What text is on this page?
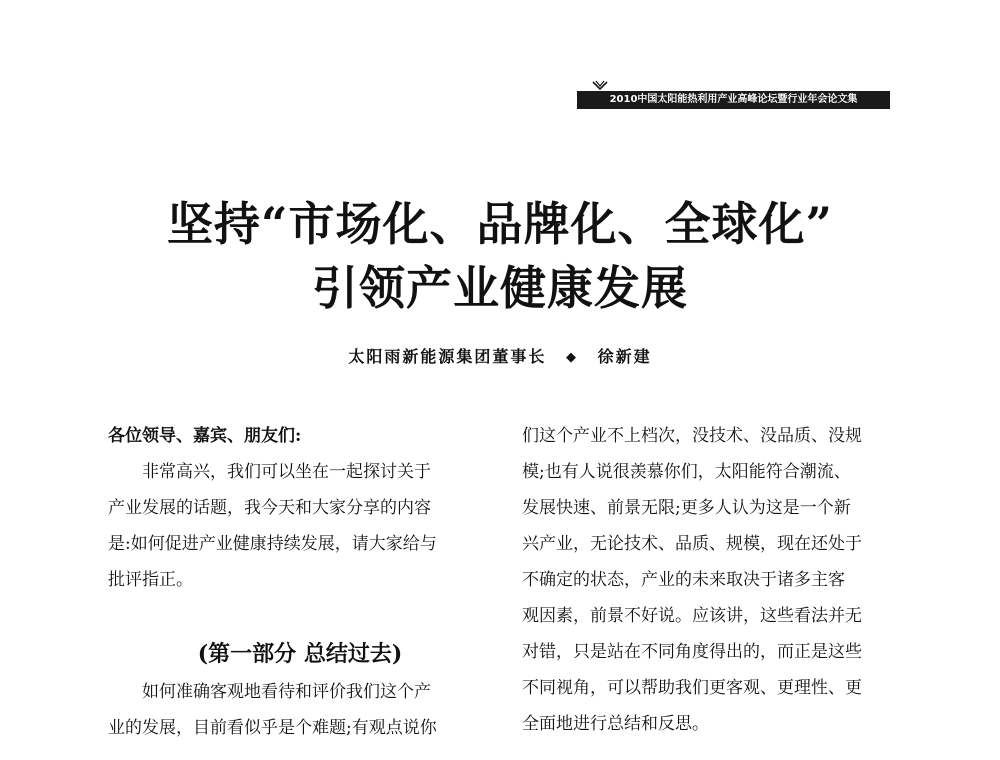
2010中国太阳能热利用产业高峰论坛暨行业年会论文集
坚持“市场化、品牌化、全球化”
引领产业健康发展
太阳雨新能源集团董事长 ◆ 徐新建
各位领导、嘉宾、朋友们:
非常高兴，我们可以坐在一起探讨关于
产业发展的话题，我今天和大家分享的内容
是:如何促进产业健康持续发展，请大家给与
批评指正。
(第一部分 总结过去)
如何准确客观地看待和评价我们这个产
业的发展，目前看似乎是个难题;有观点说你
们这个产业不上档次，没技术、没品质、没规
模;也有人说很羡慕你们，太阳能符合潮流、
发展快速、前景无限;更多人认为这是一个新
兴产业，无论技术、品质、规模，现在还处于
不确定的状态，产业的未来取决于诸多主客
观因素，前景不好说。应该讲，这些看法并无
对错，只是站在不同角度得出的，而正是这些
不同视角，可以帮助我们更客观、更理性、更
全面地进行总结和反思。
